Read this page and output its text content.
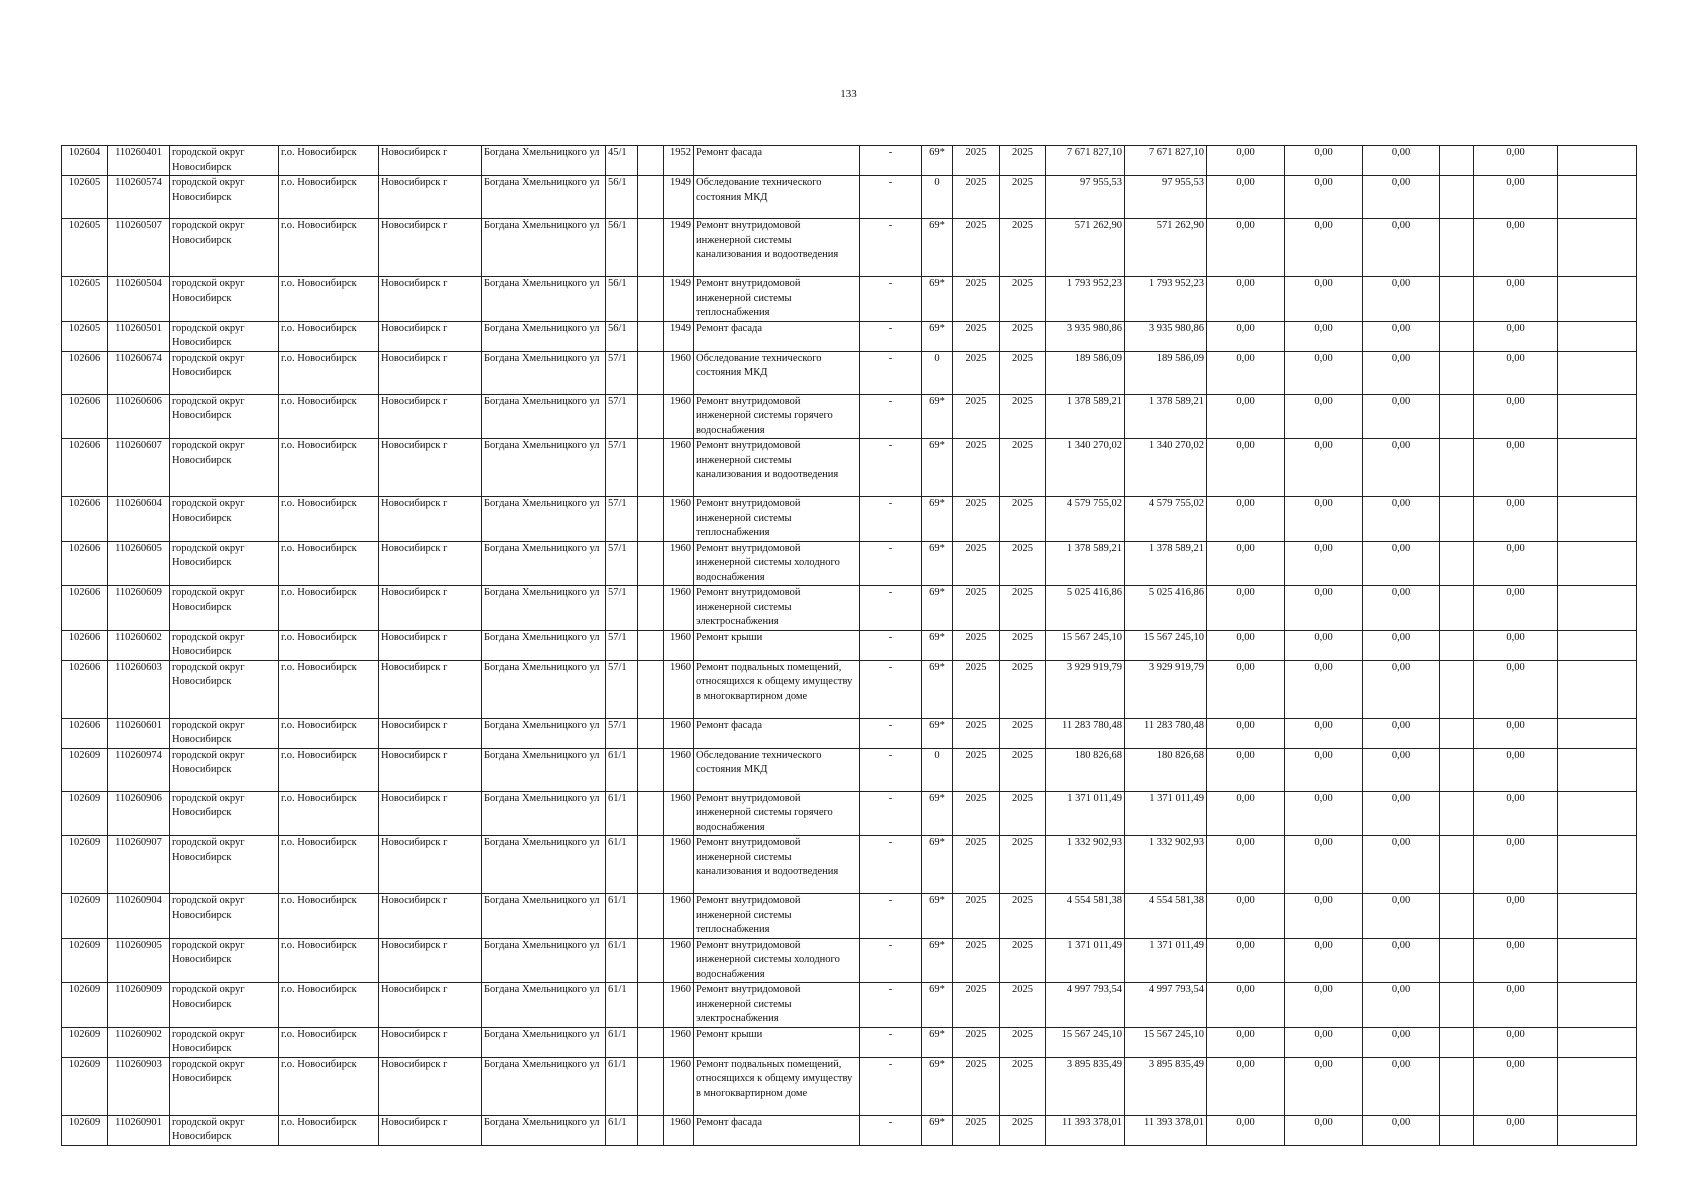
133
102604	110260401	городской округ Новосибирск	г.о. Новосибирск	Новосибирск г	Богдана Хмельницкого ул	45/1		1952	Ремонт фасада	-	69*	2025	2025	7 671 827,10	7 671 827,10	0,00	0,00	0,00		0,00	
102605	110260574	городской округ Новосибирск	г.о. Новосибирск	Новосибирск г	Богдана Хмельницкого ул	56/1		1949	Обследование технического состояния МКД	-	0	2025	2025	97 955,53	97 955,53	0,00	0,00	0,00		0,00	
102605	110260507	городской округ Новосибирск	г.о. Новосибирск	Новосибирск г	Богдана Хмельницкого ул	56/1		1949	Ремонт внутридомовой инженерной системы канализования и водоотведения	-	69*	2025	2025	571 262,90	571 262,90	0,00	0,00	0,00		0,00	
102605	110260504	городской округ Новосибирск	г.о. Новосибирск	Новосибирск г	Богдана Хмельницкого ул	56/1		1949	Ремонт внутридомовой инженерной системы теплоснабжения	-	69*	2025	2025	1 793 952,23	1 793 952,23	0,00	0,00	0,00		0,00	
102605	110260501	городской округ Новосибирск	г.о. Новосибирск	Новосибирск г	Богдана Хмельницкого ул	56/1		1949	Ремонт фасада	-	69*	2025	2025	3 935 980,86	3 935 980,86	0,00	0,00	0,00		0,00	
102606	110260674	городской округ Новосибирск	г.о. Новосибирск	Новосибирск г	Богдана Хмельницкого ул	57/1		1960	Обследование технического состояния МКД	-	0	2025	2025	189 586,09	189 586,09	0,00	0,00	0,00		0,00	
102606	110260606	городской округ Новосибирск	г.о. Новосибирск	Новосибирск г	Богдана Хмельницкого ул	57/1		1960	Ремонт внутридомовой инженерной системы горячего водоснабжения	-	69*	2025	2025	1 378 589,21	1 378 589,21	0,00	0,00	0,00		0,00	
102606	110260607	городской округ Новосибирск	г.о. Новосибирск	Новосибирск г	Богдана Хмельницкого ул	57/1		1960	Ремонт внутридомовой инженерной системы канализования и водоотведения	-	69*	2025	2025	1 340 270,02	1 340 270,02	0,00	0,00	0,00		0,00	
102606	110260604	городской округ Новосибирск	г.о. Новосибирск	Новосибирск г	Богдана Хмельницкого ул	57/1		1960	Ремонт внутридомовой инженерной системы теплоснабжения	-	69*	2025	2025	4 579 755,02	4 579 755,02	0,00	0,00	0,00		0,00	
102606	110260605	городской округ Новосибирск	г.о. Новосибирск	Новосибирск г	Богдана Хмельницкого ул	57/1		1960	Ремонт внутридомовой инженерной системы холодного водоснабжения	-	69*	2025	2025	1 378 589,21	1 378 589,21	0,00	0,00	0,00		0,00	
102606	110260609	городской округ Новосибирск	г.о. Новосибирск	Новосибирск г	Богдана Хмельницкого ул	57/1		1960	Ремонт внутридомовой инженерной системы электроснабжения	-	69*	2025	2025	5 025 416,86	5 025 416,86	0,00	0,00	0,00		0,00	
102606	110260602	городской округ Новосибирск	г.о. Новосибирск	Новосибирск г	Богдана Хмельницкого ул	57/1		1960	Ремонт крыши	-	69*	2025	2025	15 567 245,10	15 567 245,10	0,00	0,00	0,00		0,00	
102606	110260603	городской округ Новосибирск	г.о. Новосибирск	Новосибирск г	Богдана Хмельницкого ул	57/1		1960	Ремонт подвальных помещений, относящихся к общему имуществу в многоквартирном доме	-	69*	2025	2025	3 929 919,79	3 929 919,79	0,00	0,00	0,00		0,00	
102606	110260601	городской округ Новосибирск	г.о. Новосибирск	Новосибирск г	Богдана Хмельницкого ул	57/1		1960	Ремонт фасада	-	69*	2025	2025	11 283 780,48	11 283 780,48	0,00	0,00	0,00		0,00	
102609	110260974	городской округ Новосибирск	г.о. Новосибирск	Новосибирск г	Богдана Хмельницкого ул	61/1		1960	Обследование технического состояния МКД	-	0	2025	2025	180 826,68	180 826,68	0,00	0,00	0,00		0,00	
102609	110260906	городской округ Новосибирск	г.о. Новосибирск	Новосибирск г	Богдана Хмельницкого ул	61/1		1960	Ремонт внутридомовой инженерной системы горячего водоснабжения	-	69*	2025	2025	1 371 011,49	1 371 011,49	0,00	0,00	0,00		0,00	
102609	110260907	городской округ Новосибирск	г.о. Новосибирск	Новосибирск г	Богдана Хмельницкого ул	61/1		1960	Ремонт внутридомовой инженерной системы канализования и водоотведения	-	69*	2025	2025	1 332 902,93	1 332 902,93	0,00	0,00	0,00		0,00	
102609	110260904	городской округ Новосибирск	г.о. Новосибирск	Новосибирск г	Богдана Хмельницкого ул	61/1		1960	Ремонт внутридомовой инженерной системы теплоснабжения	-	69*	2025	2025	4 554 581,38	4 554 581,38	0,00	0,00	0,00		0,00	
102609	110260905	городской округ Новосибирск	г.о. Новосибирск	Новосибирск г	Богдана Хмельницкого ул	61/1		1960	Ремонт внутридомовой инженерной системы холодного водоснабжения	-	69*	2025	2025	1 371 011,49	1 371 011,49	0,00	0,00	0,00		0,00	
102609	110260909	городской округ Новосибирск	г.о. Новосибирск	Новосибирск г	Богдана Хмельницкого ул	61/1		1960	Ремонт внутридомовой инженерной системы электроснабжения	-	69*	2025	2025	4 997 793,54	4 997 793,54	0,00	0,00	0,00		0,00	
102609	110260902	городской округ Новосибирск	г.о. Новосибирск	Новосибирск г	Богдана Хмельницкого ул	61/1		1960	Ремонт крыши	-	69*	2025	2025	15 567 245,10	15 567 245,10	0,00	0,00	0,00		0,00	
102609	110260903	городской округ Новосибирск	г.о. Новосибирск	Новосибирск г	Богдана Хмельницкого ул	61/1		1960	Ремонт подвальных помещений, относящихся к общему имуществу в многоквартирном доме	-	69*	2025	2025	3 895 835,49	3 895 835,49	0,00	0,00	0,00		0,00	
102609	110260901	городской округ Новосибирск	г.о. Новосибирск	Новосибирск г	Богдана Хмельницкого ул	61/1		1960	Ремонт фасада	-	69*	2025	2025	11 393 378,01	11 393 378,01	0,00	0,00	0,00		0,00	
